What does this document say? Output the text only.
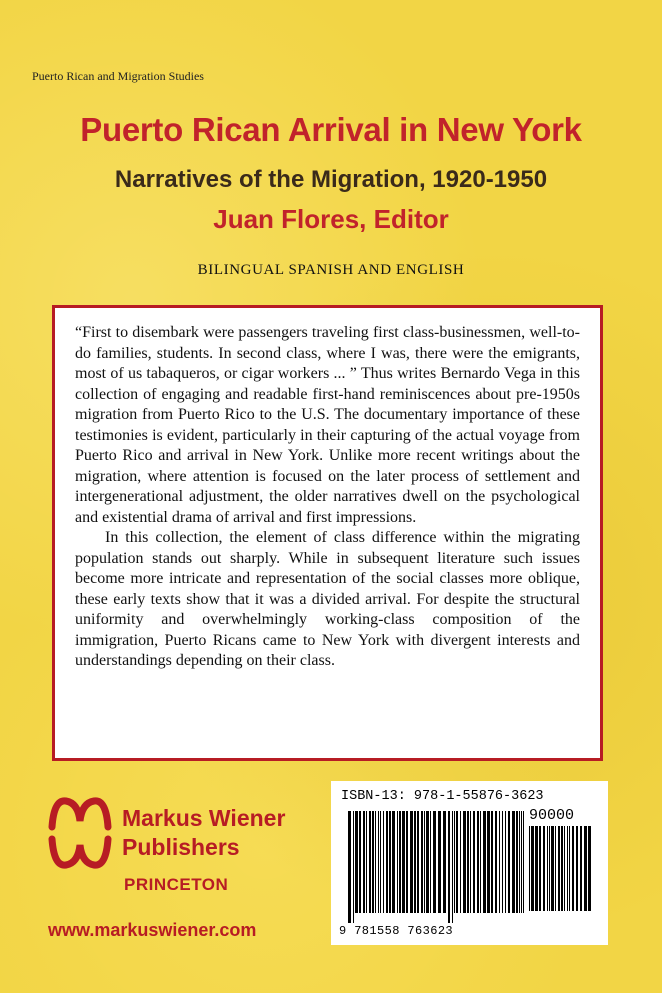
Puerto Rican and Migration Studies
Puerto Rican Arrival in New York
Narratives of the Migration, 1920-1950
Juan Flores, Editor
BILINGUAL SPANISH AND ENGLISH

“First to disembark were passengers traveling first class-businessmen, well-to-do families, students. In second class, where I was, there were the emigrants, most of us tabaqueros, or cigar workers ... ” Thus writes Bernardo Vega in this collection of engaging and readable first-hand reminiscences about pre-1950s migration from Puerto Rico to the U.S. The documentary importance of these testimonies is evident, particularly in their capturing of the actual voyage from Puerto Rico and arrival in New York. Unlike more recent writings about the migration, where attention is focused on the later process of settlement and intergenerational adjustment, the older narratives dwell on the psychological and existential drama of arrival and first impressions.

In this collection, the element of class difference within the migrating population stands out sharply. While in subsequent literature such issues become more intricate and representation of the social classes more oblique, these early texts show that it was a divided arrival. For despite the structural uniformity and overwhelmingly working-class composition of the immigration, Puerto Ricans came to New York with divergent interests and understandings depending on their class.

Markus Wiener
Publishers
PRINCETON
www.markuswiener.com
ISBN-13: 978-1-55876-3623
90000
9 781558 763623
